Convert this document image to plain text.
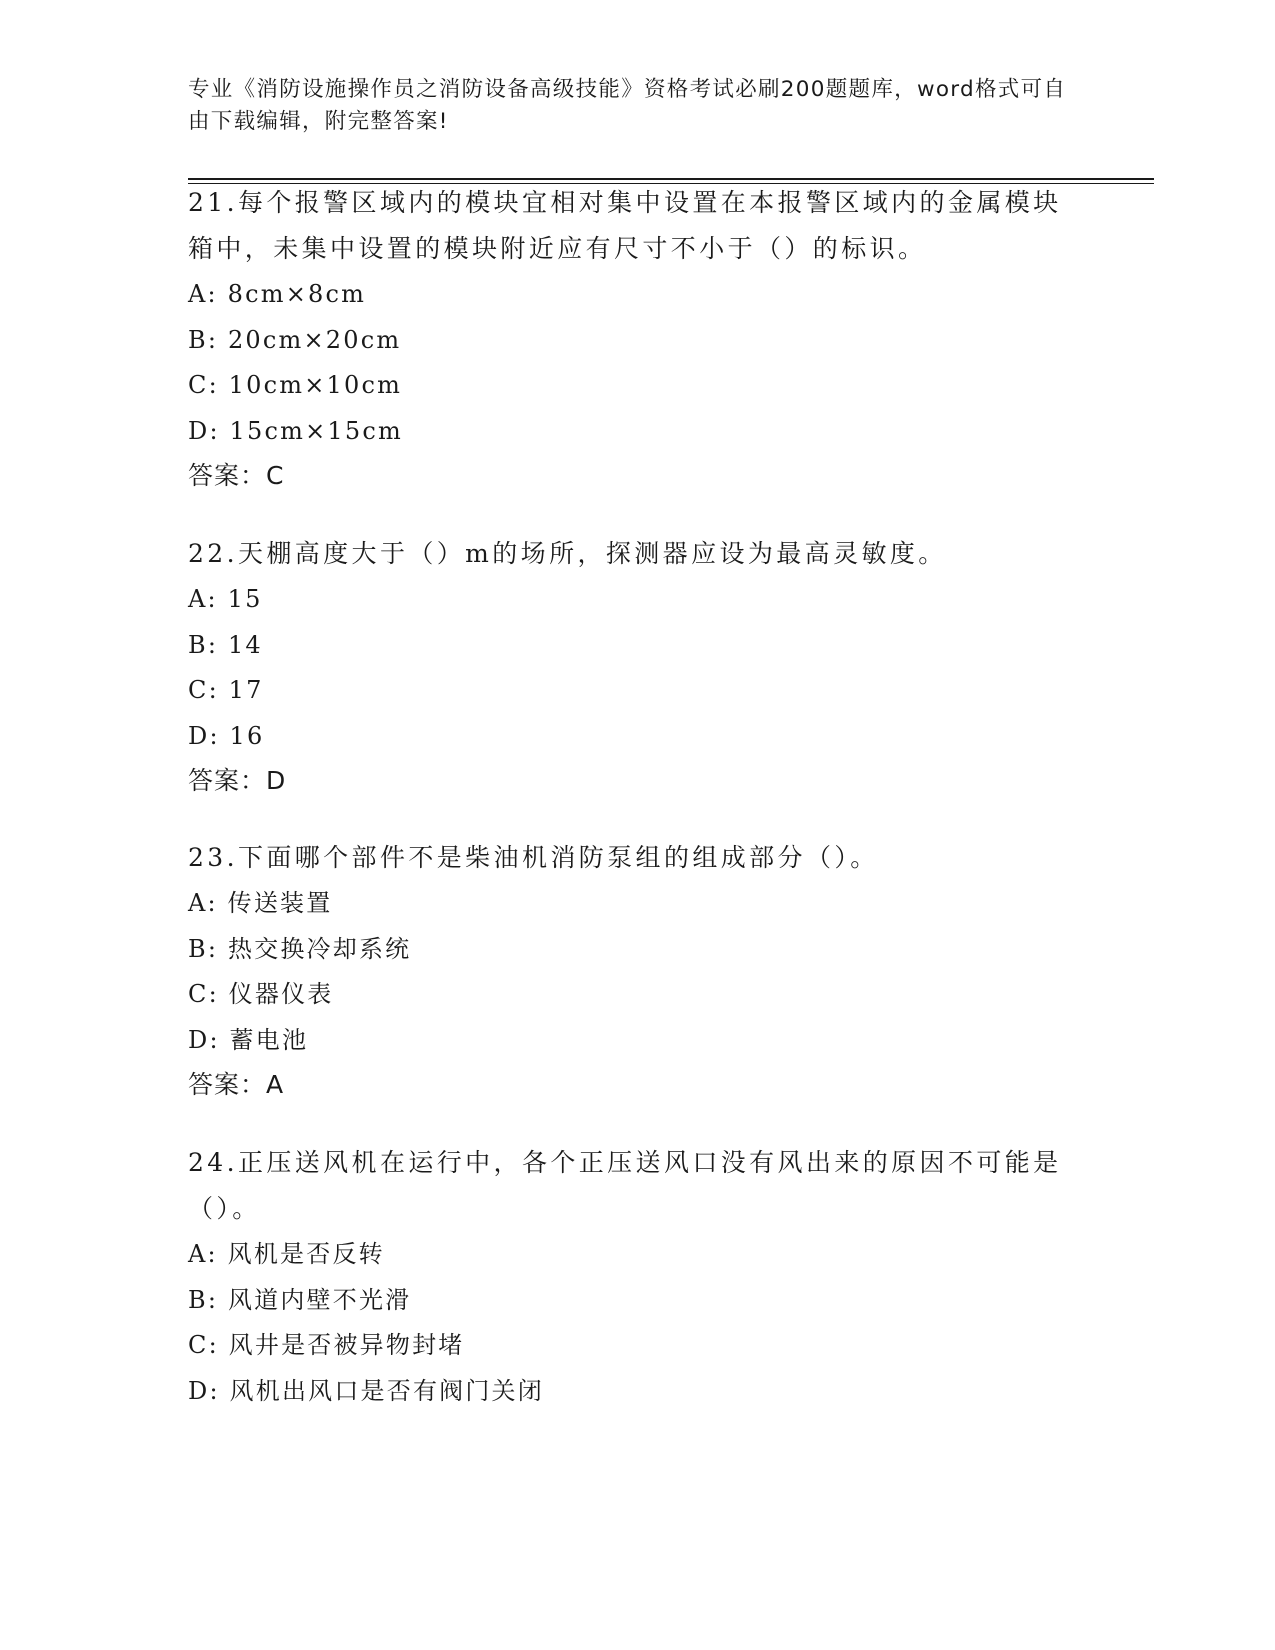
专业《消防设施操作员之消防设备高级技能》资格考试必刷200题题库，word格式可自由下载编辑，附完整答案!

21.每个报警区域内的模块宜相对集中设置在本报警区域内的金属模块箱中，未集中设置的模块附近应有尺寸不小于（）的标识。

A: 8cm×8cm

B: 20cm×20cm

C: 10cm×10cm

D: 15cm×15cm

答案：C

22.天棚高度大于（）m的场所，探测器应设为最高灵敏度。

A: 15

B: 14

C: 17

D: 16

答案：D

23.下面哪个部件不是柴油机消防泵组的组成部分（）。

A: 传送装置

B: 热交换冷却系统

C: 仪器仪表

D: 蓄电池

答案：A

24.正压送风机在运行中，各个正压送风口没有风出来的原因不可能是（）。

A: 风机是否反转

B: 风道内壁不光滑

C: 风井是否被异物封堵

D: 风机出风口是否有阀门关闭
